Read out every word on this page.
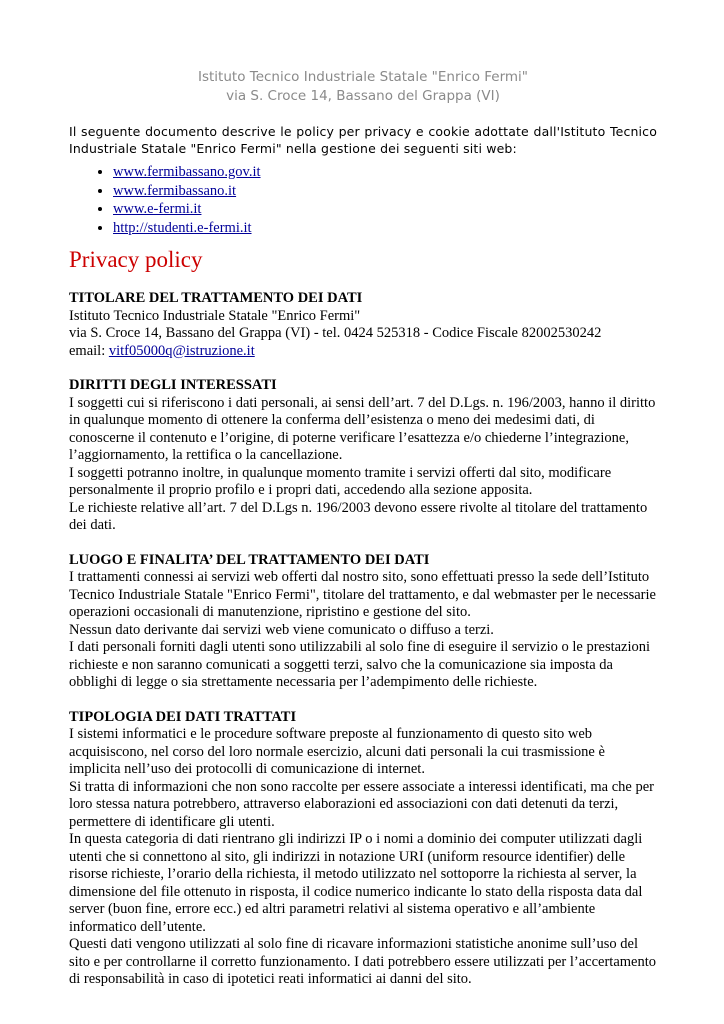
Istituto Tecnico Industriale Statale "Enrico Fermi"
via S. Croce 14, Bassano del Grappa (VI)
Il seguente documento descrive le policy per privacy e cookie adottate dall'Istituto Tecnico Industriale Statale "Enrico Fermi" nella gestione dei seguenti siti web:
• www.fermibassano.gov.it
• www.fermibassano.it
• www.e-fermi.it
• http://studenti.e-fermi.it
Privacy policy
TITOLARE DEL TRATTAMENTO DEI DATI

Istituto Tecnico Industriale Statale "Enrico Fermi"

via S. Croce 14, Bassano del Grappa (VI) - tel. 0424 525318 - Codice Fiscale 82002530242

email: vitf05000q@istruzione.it

DIRITTI DEGLI INTERESSATI

I soggetti cui si riferiscono i dati personali, ai sensi dell’art. 7 del D.Lgs. n. 196/2003, hanno il diritto in qualunque momento di ottenere la conferma dell’esistenza o meno dei medesimi dati, di conoscerne il contenuto e l’origine, di poterne verificare l’esattezza e/o chiederne l’integrazione, l’aggiornamento, la rettifica o la cancellazione.

I soggetti potranno inoltre, in qualunque momento tramite i servizi offerti dal sito, modificare personalmente il proprio profilo e i propri dati, accedendo alla sezione apposita.

Le richieste relative all’art. 7 del D.Lgs n. 196/2003 devono essere rivolte al titolare del trattamento dei dati.

LUOGO E FINALITA’ DEL TRATTAMENTO DEI DATI

I trattamenti connessi ai servizi web offerti dal nostro sito, sono effettuati presso la sede dell’Istituto Tecnico Industriale Statale "Enrico Fermi", titolare del trattamento, e dal webmaster per le necessarie operazioni occasionali di manutenzione, ripristino e gestione del sito.

Nessun dato derivante dai servizi web viene comunicato o diffuso a terzi.

I dati personali forniti dagli utenti sono utilizzabili al solo fine di eseguire il servizio o le prestazioni richieste e non saranno comunicati a soggetti terzi, salvo che la comunicazione sia imposta da obblighi di legge o sia strettamente necessaria per l’adempimento delle richieste.

TIPOLOGIA DEI DATI TRATTATI

I sistemi informatici e le procedure software preposte al funzionamento di questo sito web acquisiscono, nel corso del loro normale esercizio, alcuni dati personali la cui trasmissione è implicita nell’uso dei protocolli di comunicazione di internet.

Si tratta di informazioni che non sono raccolte per essere associate a interessi identificati, ma che per loro stessa natura potrebbero, attraverso elaborazioni ed associazioni con dati detenuti da terzi, permettere di identificare gli utenti.

In questa categoria di dati rientrano gli indirizzi IP o i nomi a dominio dei computer utilizzati dagli utenti che si connettono al sito, gli indirizzi in notazione URI (uniform resource identifier) delle risorse richieste, l’orario della richiesta, il metodo utilizzato nel sottoporre la richiesta al server, la dimensione del file ottenuto in risposta, il codice numerico indicante lo stato della risposta data dal server (buon fine, errore ecc.) ed altri parametri relativi al sistema operativo e all’ambiente informatico dell’utente.

Questi dati vengono utilizzati al solo fine di ricavare informazioni statistiche anonime sull’uso del sito e per controllarne il corretto funzionamento. I dati potrebbero essere utilizzati per l’accertamento di responsabilità in caso di ipotetici reati informatici ai danni del sito.
